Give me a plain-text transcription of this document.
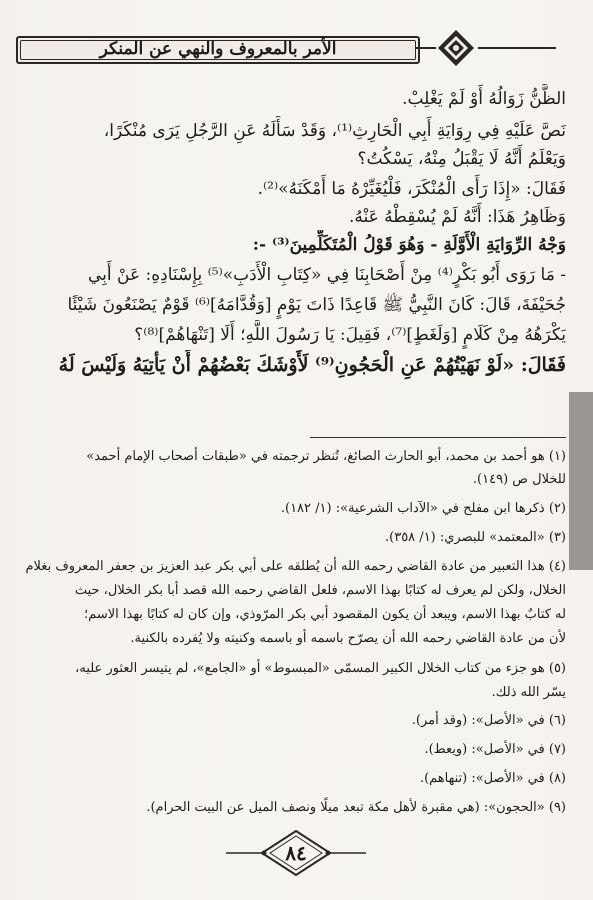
الأمر بالمعروف والنهي عن المنكر
الظَّنُّ زَوَالُهُ أَوْ لَمْ يَغْلِبْ.
نَصَّ عَلَيْهِ فِي رِوَايَةِ أَبِي الْحَارِثِ⁽¹⁾، وَقَدْ سَأَلَهُ عَنِ الرَّجُلِ يَرَى مُنْكَرًا،
وَيَعْلَمُ أَنَّهُ لَا يَقْبَلُ مِنْهُ، يَسْكُتُ؟
فَقَالَ: «إِذَا رَأَى الْمُنْكَرَ، فَلْيُغَيِّرْهُ مَا أَمْكَنَهُ»⁽²⁾.
وَظَاهِرُ هَذَا: أَنَّهُ لَمْ يُسْقِطْهُ عَنْهُ.
وَجْهُ الرِّوَايَةِ الْأَوَّلَةِ - وَهُوَ قَوْلُ الْمُتَكَلِّمِينَ⁽³⁾ -:
- مَا رَوَى أَبُو بَكْرٍ⁽⁴⁾ مِنْ أَصْحَابِنَا فِي «كِتَابِ الْأَدَبِ»⁽⁵⁾ بِإِسْنَادِهِ: عَنْ أَبِي
جُحَيْفَةَ، قَالَ: كَانَ النَّبِيُّ ﷺ قَاعِدًا ذَاتَ يَوْمٍ [وَقُدَّامَهُ]⁽⁶⁾ قَوْمٌ يَصْنَعُونَ شَيْئًا
يَكْرَهُهُ مِنْ كَلَامٍ [وَلَغَطٍ]⁽⁷⁾، فَقِيلَ: يَا رَسُولَ اللَّهِ؛ أَلَا [تَنْهَاهُمْ]⁽⁸⁾؟
فَقَالَ: «لَوْ نَهَيْتُهُمْ عَنِ الْحَجُونِ⁽⁹⁾ لَأَوْشَكَ بَعْضُهُمْ أَنْ يَأْتِيَهُ وَلَيْسَ لَهُ
(١) هو أحمد بن محمد، أبو الحارث الصائغ، تُنظر ترجمته في «طبقات أصحاب الإمام أحمد»
للخلال ص (١٤٩).
(٢) ذكرها ابن مفلح في «الآداب الشرعية»: (١/ ١٨٢).
(٣) «المعتمد» للبصري: (١/ ٣٥٨).
(٤) هذا التعبير من عادة القاضي رحمه الله أن يُطلقه على أبي بكر عبد العزيز بن جعفر المعروف بغلام
الخلال، ولكن لم يعرف له كتابًا بهذا الاسم، فلعل القاضي رحمه الله قصد أبا بكر الخلال، حيث
له كتابٌ بهذا الاسم، ويبعد أن يكون المقصود أبي بكر المرّوذي، وإن كان له كتابًا بهذا الاسم؛
لأن من عادة القاضي رحمه الله أن يصرّح باسمه أو باسمه وكنيته ولا يُفرده بالكنية.
(٥) هو جزء من كتاب الخلال الكبير المسمّى «المبسوط» أو «الجامع»، لم يتيسر العثور عليه،
يسّر الله ذلك.
(٦) في «الأصل»: (وقد أمر).
(٧) في «الأصل»: (ويعط).
(٨) في «الأصل»: (تنهاهم).
(٩) «الحجون»: (هي مقبرة لأهل مكة تبعد ميلًا ونصف الميل عن البيت الحرام).
٨٤
